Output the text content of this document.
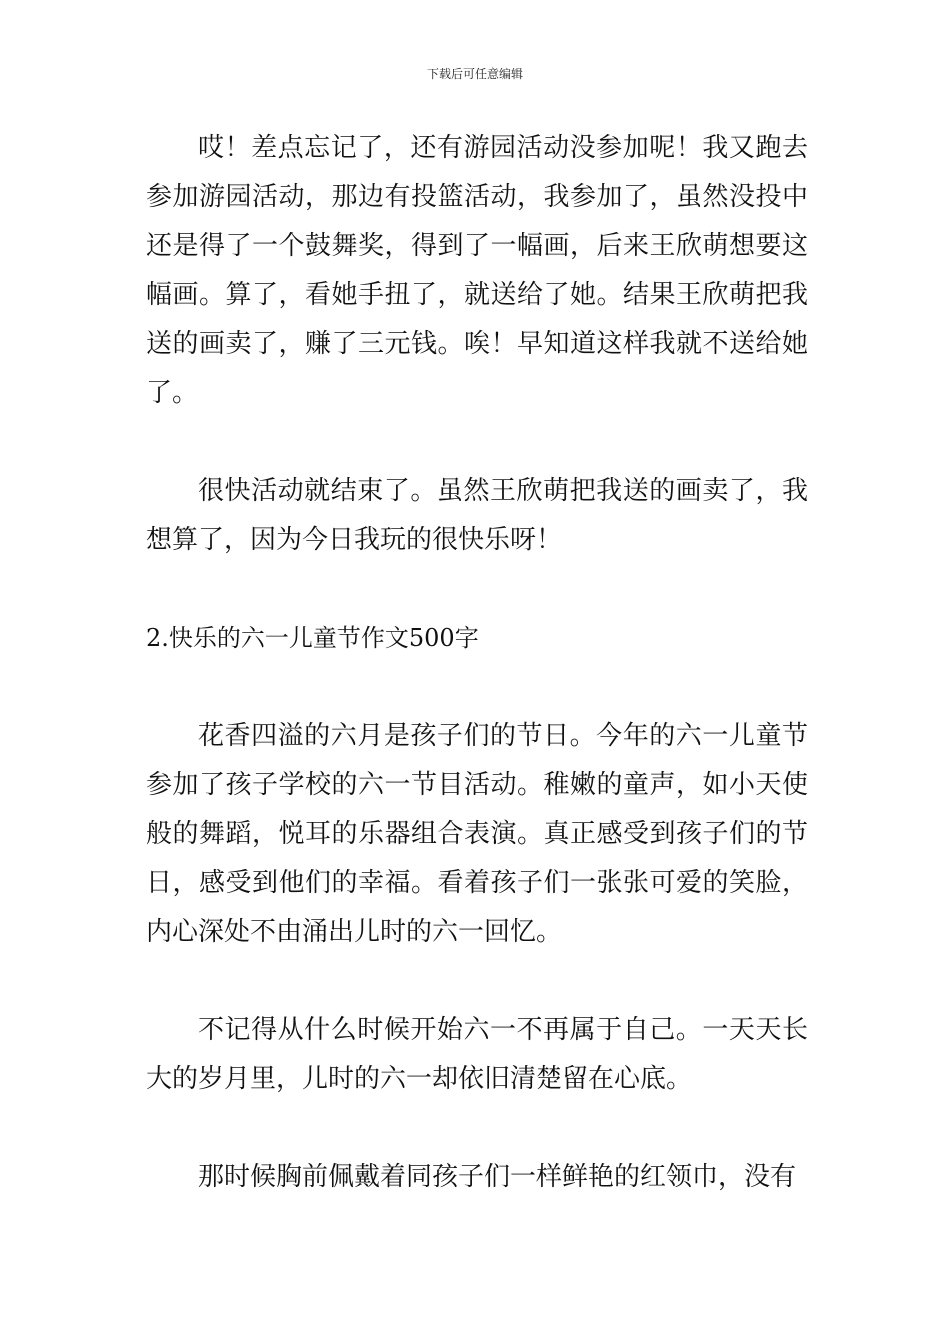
下载后可任意编辑

哎！差点忘记了，还有游园活动没参加呢！我又跑去参加游园活动，那边有投篮活动，我参加了，虽然没投中还是得了一个鼓舞奖，得到了一幅画，后来王欣萌想要这幅画。算了，看她手扭了，就送给了她。结果王欣萌把我送的画卖了，赚了三元钱。唉！早知道这样我就不送给她了。

很快活动就结束了。虽然王欣萌把我送的画卖了，我想算了，因为今日我玩的很快乐呀！

2.快乐的六一儿童节作文500字

花香四溢的六月是孩子们的节日。今年的六一儿童节参加了孩子学校的六一节目活动。稚嫩的童声，如小天使般的舞蹈，悦耳的乐器组合表演。真正感受到孩子们的节日，感受到他们的幸福。看着孩子们一张张可爱的笑脸，内心深处不由涌出儿时的六一回忆。

不记得从什么时候开始六一不再属于自己。一天天长大的岁月里，儿时的六一却依旧清楚留在心底。

那时候胸前佩戴着同孩子们一样鲜艳的红领巾，没有
